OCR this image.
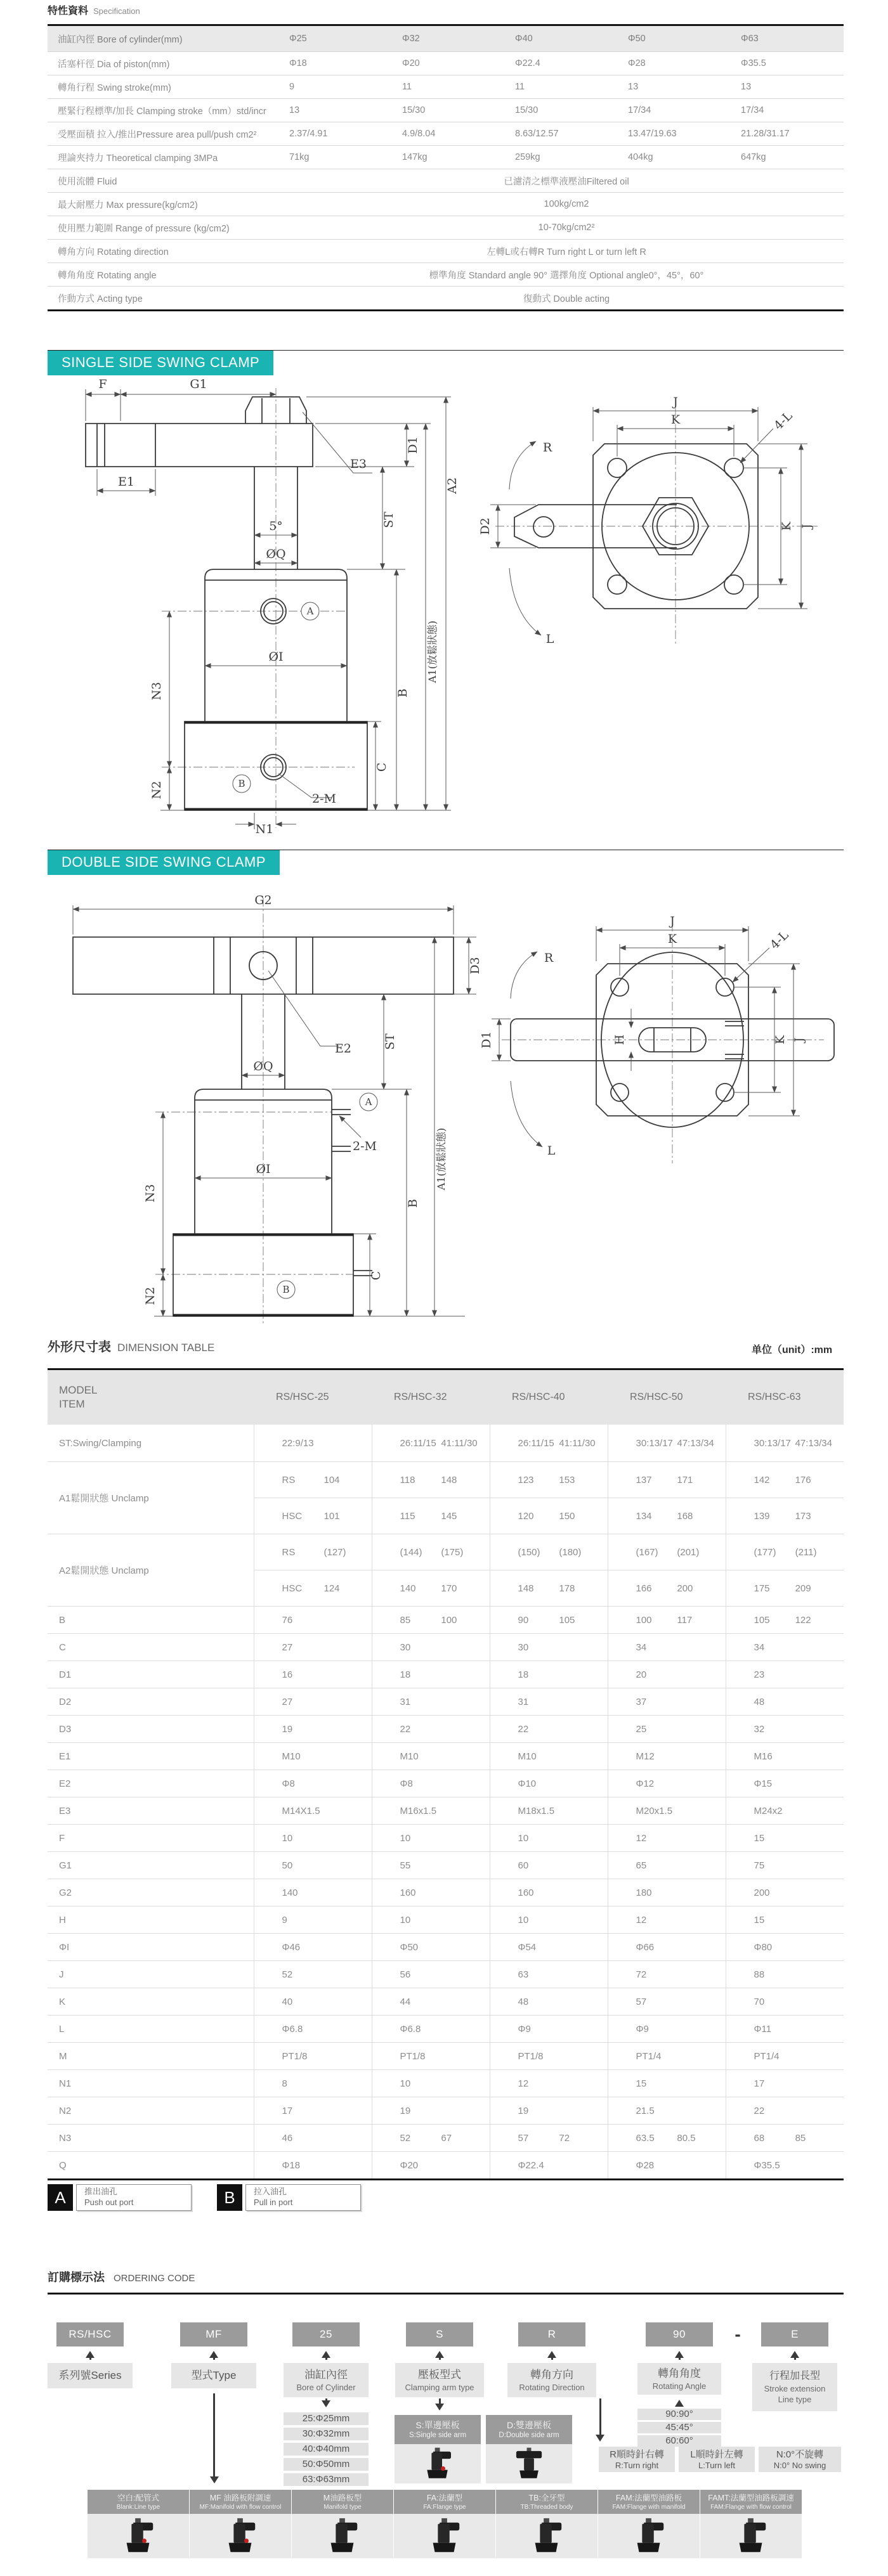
特性資料 Specification
油缸內徑 Bore of cylinder(mm)	Φ25	Φ32	Φ40	Φ50	Φ63
活塞杆徑 Dia of piston(mm)	Φ18	Φ20	Φ22.4	Φ28	Φ35.5
轉角行程 Swing stroke(mm)	9	11	11	13	13
壓緊行程標準/加長 Clamping stroke（mm）std/incr	13	15/30	15/30	17/34	17/34
受壓面積 拉入/推出Pressure area pull/push cm2²	2.37/4.91	4.9/8.04	8.63/12.57	13.47/19.63	21.28/31.17
理論夾持力 Theoretical clamping 3MPa	71kg	147kg	259kg	404kg	647kg
使用流體 Fluid	已濾清之標準液壓油Filtered oil
最大耐壓力 Max pressure(kg/cm2)	100kg/cm2
使用壓力範圍 Range of pressure (kg/cm2)	10-70kg/cm2²
轉角方向 Rotating direction	左轉L或右轉R Turn right L or turn left R
轉角角度 Rotating angle	標準角度 Standard angle 90° 選擇角度 Optional angle0°，45°，60°
作動方式 Acting type	復動式 Double acting
SINGLE SIDE SWING CLAMP
F	G1
E1
5°
ØQ
E3
ØI
2-M
N1
N3
N2
D1
ST
C
B
A1(放鬆狀態)
A2
A
B
J
K	4-L
R
L
D2	K J
DOUBLE SIDE SWING CLAMP
G2
D3
E2
ØQ
ST
ØI
2-M
N3
N2
C
B
A1(放鬆狀態)
A
B
J
K	4-L
R
L
D1	H	K J
外形尺寸表 DIMENSION TABLE	单位（unit）:mm
MODEL
ITEM	RS/HSC-25	RS/HSC-32	RS/HSC-40	RS/HSC-50	RS/HSC-63

ST:Swing/Clamping	22:9/13	26:11/15 41:11/30	26:11/15 41:11/30	30:13/17 47:13/34	30:13/17 47:13/34

A1鬆開狀態 Unclamp	RS 104	118 148	123 153	137 171	142 176

	HSC 101	115 145	120 150	134 168	139 173

A2鬆開狀態 Unclamp	RS (127)	(144) (175)	(150) (180)	(167) (201)	(177) (211)

	HSC 124	140 170	148 178	166 200	175 209

B	76	85 100	90 105	100 117	105 122

C	27	30	30	34	34

D1	16	18	18	20	23

D2	27	31	31	37	48

D3	19	22	22	25	32

E1	M10	M10	M10	M12	M16

E2	Φ8	Φ8	Φ10	Φ12	Φ15

E3	M14X1.5	M16x1.5	M18x1.5	M20x1.5	M24x2

F	10	10	10	12	15

G1	50	55	60	65	75

G2	140	160	160	180	200

H	9	10	10	12	15

ΦI	Φ46	Φ50	Φ54	Φ66	Φ80

J	52	56	63	72	88

K	40	44	48	57	70

L	Φ6.8	Φ6.8	Φ9	Φ9	Φ11

M	PT1/8	PT1/8	PT1/8	PT1/4	PT1/4

N1	8	10	12	15	17

N2	17	19	19	21.5	22

N3	46	52 67	57 72	63.5 80.5	68 85

Q	Φ18	Φ20	Φ22.4	Φ28	Φ35.5
A	推出油孔
Push out port	B	拉入油孔
Pull in port
訂購標示法 ORDERING CODE
RS/HSC	MF	25	S	R	90	-	E
系列號Series	型式Type	油缸內徑
Bore of Cylinder
壓板型式
Clamping arm type
轉角方向
Rotating Direction
轉角角度
Rotating Angle
行程加長型
Stroke extension
Line type
25:Φ25mm
30:Φ32mm
40:Φ40mm
50:Φ50mm
63:Φ63mm
90:90°
45:45°
60:60°
S:單邊壓板
S:Single side arm
D:雙邊壓板
D:Double side arm
R順時針右轉
R:Turn right
L順時針左轉
L:Turn left
N:0°不旋轉
N:0° No swing
空白:配管式
Blank:Line type
MF 油路板附調速
MF:Manifold with flow control
M油路板型
Manifold type
FA:法蘭型
FA:Flange type
TB:全牙型
TB:Threaded body
FAM:法蘭型油路板
FAM:Flange with manifold
FAMT:法蘭型油路板調速
FAM:Flange with flow control
